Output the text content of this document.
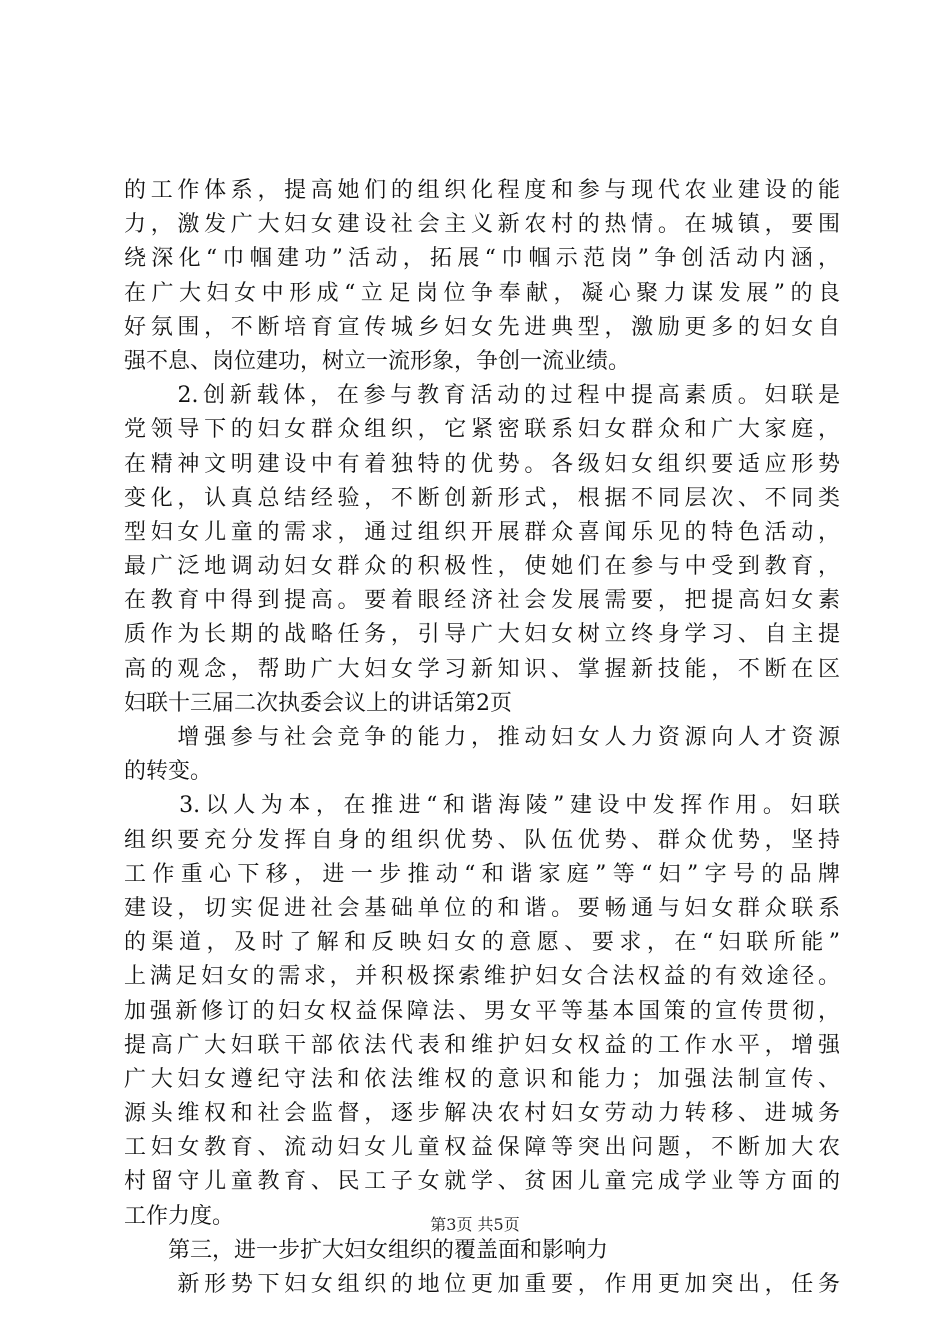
的工作体系，提高她们的组织化程度和参与现代农业建设的能
力，激发广大妇女建设社会主义新农村的热情。在城镇，要围
绕深化“巾帼建功”活动，拓展“巾帼示范岗”争创活动内涵，
在广大妇女中形成“立足岗位争奉献，凝心聚力谋发展”的良
好氛围，不断培育宣传城乡妇女先进典型，激励更多的妇女自
强不息、岗位建功，树立一流形象，争创一流业绩。
　　2.创新载体，在参与教育活动的过程中提高素质。妇联是
党领导下的妇女群众组织，它紧密联系妇女群众和广大家庭，
在精神文明建设中有着独特的优势。各级妇女组织要适应形势
变化，认真总结经验，不断创新形式，根据不同层次、不同类
型妇女儿童的需求，通过组织开展群众喜闻乐见的特色活动，
最广泛地调动妇女群众的积极性，使她们在参与中受到教育，
在教育中得到提高。要着眼经济社会发展需要，把提高妇女素
质作为长期的战略任务，引导广大妇女树立终身学习、自主提
高的观念，帮助广大妇女学习新知识、掌握新技能，不断在区
妇联十三届二次执委会议上的讲话第2页
　　增强参与社会竞争的能力，推动妇女人力资源向人才资源
的转变。
　　3.以人为本，在推进“和谐海陵”建设中发挥作用。妇联
组织要充分发挥自身的组织优势、队伍优势、群众优势，坚持
工作重心下移，进一步推动“和谐家庭”等“妇”字号的品牌
建设，切实促进社会基础单位的和谐。要畅通与妇女群众联系
的渠道，及时了解和反映妇女的意愿、要求，在“妇联所能”
上满足妇女的需求，并积极探索维护妇女合法权益的有效途径。
加强新修订的妇女权益保障法、男女平等基本国策的宣传贯彻，
提高广大妇联干部依法代表和维护妇女权益的工作水平，增强
广大妇女遵纪守法和依法维权的意识和能力；加强法制宣传、
源头维权和社会监督，逐步解决农村妇女劳动力转移、进城务
工妇女教育、流动妇女儿童权益保障等突出问题，不断加大农
村留守儿童教育、民工子女就学、贫困儿童完成学业等方面的
工作力度。
　　第三，进一步扩大妇女组织的覆盖面和影响力
　　新形势下妇女组织的地位更加重要，作用更加突出，任务
第3页 共5页
